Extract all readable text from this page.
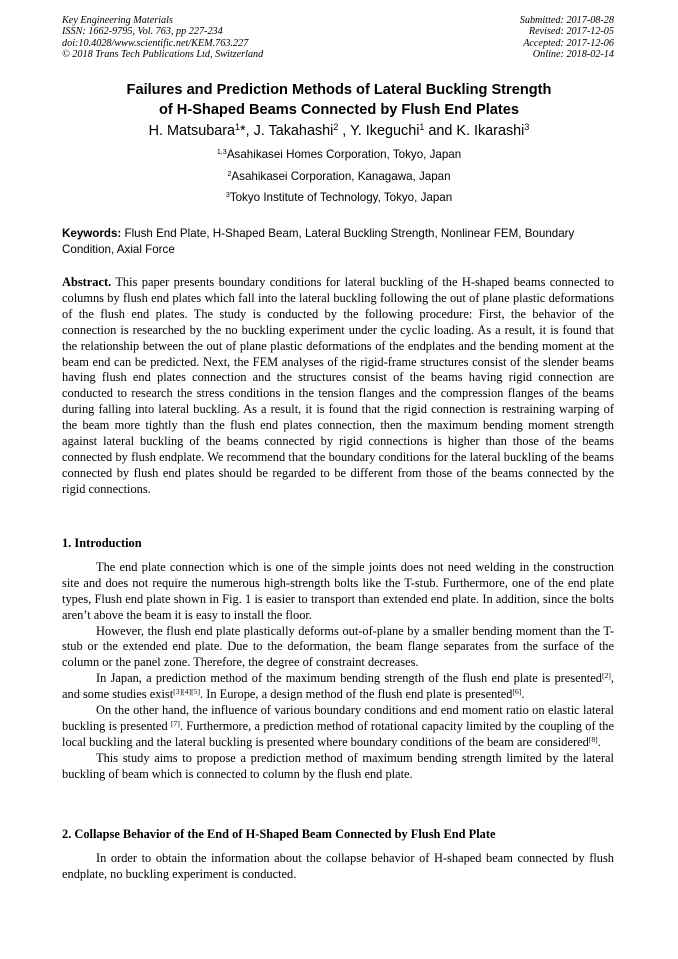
Key Engineering Materials
ISSN: 1662-9795, Vol. 763, pp 227-234
doi:10.4028/www.scientific.net/KEM.763.227
© 2018 Trans Tech Publications Ltd, Switzerland
Submitted: 2017-08-28
Revised: 2017-12-05
Accepted: 2017-12-06
Online: 2018-02-14
Failures and Prediction Methods of Lateral Buckling Strength
of H-Shaped Beams Connected by Flush End Plates
H. Matsubara$^1$*, J. Takahashi$^2$ , Y. Ikeguchi$^1$ and K. Ikarashi$^3$
$^{1,3}$Asahikasei Homes Corporation, Tokyo, Japan
$^2$Asahikasei Corporation, Kanagawa, Japan
$^3$Tokyo Institute of Technology, Tokyo, Japan
Keywords: Flush End Plate, H-Shaped Beam, Lateral Buckling Strength, Nonlinear FEM, Boundary Condition, Axial Force
Abstract. This paper presents boundary conditions for lateral buckling of the H-shaped beams connected to columns by flush end plates which fall into the lateral buckling following the out of plane plastic deformations of the flush end plates. The study is conducted by the following procedure: First, the behavior of the connection is researched by the no buckling experiment under the cyclic loading. As a result, it is found that the relationship between the out of plane plastic deformations of the endplates and the bending moment at the beam end can be predicted. Next, the FEM analyses of the rigid-frame structures consist of the slender beams having flush end plates connection and the structures consist of the beams having rigid connection are conducted to research the stress conditions in the tension flanges and the compression flanges of the beams during falling into lateral buckling. As a result, it is found that the rigid connection is restraining warping of the beam more tightly than the flush end plates connection, then the maximum bending moment strength against lateral buckling of the beams connected by rigid connections is higher than those of the beams connected by flush endplate. We recommend that the boundary conditions for the lateral buckling of the beams connected by flush end plates should be regarded to be different from those of the beams connected by the rigid connections.
1. Introduction

The end plate connection which is one of the simple joints does not need welding in the construction site and does not require the numerous high-strength bolts like the T-stub. Furthermore, one of the end plate types, Flush end plate shown in Fig. 1 is easier to transport than extended end plate. In addition, since the bolts aren’t above the beam it is easy to install the floor.

However, the flush end plate plastically deforms out-of-plane by a smaller bending moment than the T-stub or the extended end plate. Due to the deformation, the beam flange separates from the surface of the column or the panel zone. Therefore, the degree of constraint decreases.

In Japan, a prediction method of the maximum bending strength of the flush end plate is presented[2], and some studies exist[3][4][5]. In Europe, a design method of the flush end plate is presented[6].

On the other hand, the influence of various boundary conditions and end moment ratio on elastic lateral buckling is presented [7]. Furthermore, a prediction method of rotational capacity limited by the coupling of the local buckling and the lateral buckling is presented where boundary conditions of the beam are considered[8].

This study aims to propose a prediction method of maximum bending strength limited by the lateral buckling of beam which is connected to column by the flush end plate.

2. Collapse Behavior of the End of H-Shaped Beam Connected by Flush End Plate

In order to obtain the information about the collapse behavior of H-shaped beam connected by flush endplate, no buckling experiment is conducted.
